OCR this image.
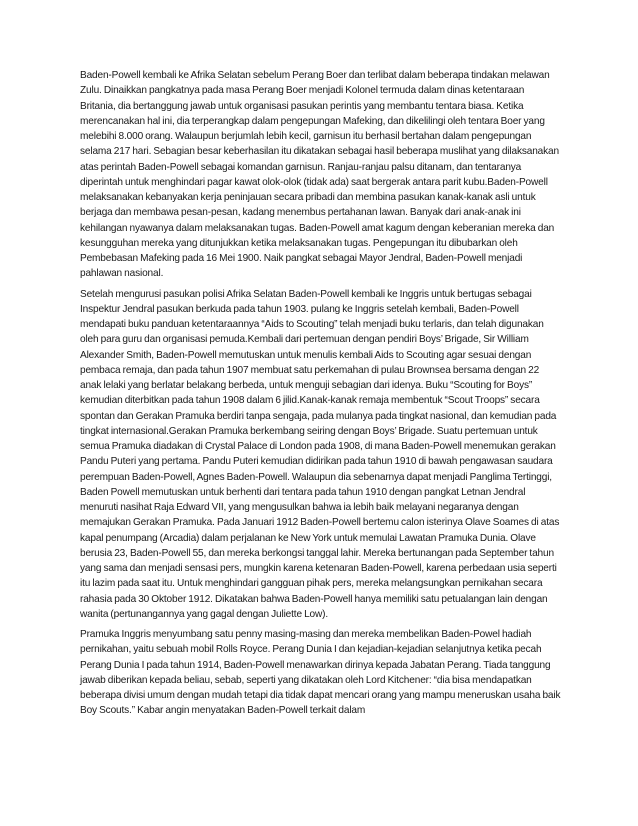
Baden-Powell kembali ke Afrika Selatan sebelum Perang Boer dan terlibat dalam beberapa tindakan melawan Zulu. Dinaikkan pangkatnya pada masa Perang Boer menjadi Kolonel termuda dalam dinas ketentaraan Britania, dia bertanggung jawab untuk organisasi pasukan perintis yang membantu tentara biasa. Ketika merencanakan hal ini, dia terperangkap dalam pengepungan Mafeking, dan dikelilingi oleh tentara Boer yang melebihi 8.000 orang. Walaupun berjumlah lebih kecil, garnisun itu berhasil bertahan dalam pengepungan selama 217 hari. Sebagian besar keberhasilan itu dikatakan sebagai hasil beberapa muslihat yang dilaksanakan atas perintah Baden-Powell sebagai komandan garnisun. Ranjau-ranjau palsu ditanam, dan tentaranya diperintah untuk menghindari pagar kawat olok-olok (tidak ada) saat bergerak antara parit kubu.Baden-Powell melaksanakan kebanyakan kerja peninjauan secara pribadi dan membina pasukan kanak-kanak asli untuk berjaga dan membawa pesan-pesan, kadang menembus pertahanan lawan. Banyak dari anak-anak ini kehilangan nyawanya dalam melaksanakan tugas. Baden-Powell amat kagum dengan keberanian mereka dan kesungguhan mereka yang ditunjukkan ketika melaksanakan tugas. Pengepungan itu dibubarkan oleh Pembebasan Mafeking pada 16 Mei 1900. Naik pangkat sebagai Mayor Jendral, Baden-Powell menjadi pahlawan nasional.

Setelah mengurusi pasukan polisi Afrika Selatan Baden-Powell kembali ke Inggris untuk bertugas sebagai Inspektur Jendral pasukan berkuda pada tahun 1903. pulang ke Inggris setelah kembali, Baden-Powell mendapati buku panduan ketentaraannya “Aids to Scouting” telah menjadi buku terlaris, dan telah digunakan oleh para guru dan organisasi pemuda.Kembali dari pertemuan dengan pendiri Boys’ Brigade, Sir William Alexander Smith, Baden-Powell memutuskan untuk menulis kembali Aids to Scouting agar sesuai dengan pembaca remaja, dan pada tahun 1907 membuat satu perkemahan di pulau Brownsea bersama dengan 22 anak lelaki yang berlatar belakang berbeda, untuk menguji sebagian dari idenya. Buku “Scouting for Boys” kemudian diterbitkan pada tahun 1908 dalam 6 jilid.Kanak-kanak remaja membentuk “Scout Troops” secara spontan dan Gerakan Pramuka berdiri tanpa sengaja, pada mulanya pada tingkat nasional, dan kemudian pada tingkat internasional.Gerakan Pramuka berkembang seiring dengan Boys’ Brigade. Suatu pertemuan untuk semua Pramuka diadakan di Crystal Palace di London pada 1908, di mana Baden-Powell menemukan gerakan Pandu Puteri yang pertama. Pandu Puteri kemudian didirikan pada tahun 1910 di bawah pengawasan saudara perempuan Baden-Powell, Agnes Baden-Powell. Walaupun dia sebenarnya dapat menjadi Panglima Tertinggi, Baden Powell memutuskan untuk berhenti dari tentara pada tahun 1910 dengan pangkat Letnan Jendral menuruti nasihat Raja Edward VII, yang mengusulkan bahwa ia lebih baik melayani negaranya dengan memajukan Gerakan Pramuka. Pada Januari 1912 Baden-Powell bertemu calon isterinya Olave Soames di atas kapal penumpang (Arcadia) dalam perjalanan ke New York untuk memulai Lawatan Pramuka Dunia. Olave berusia 23, Baden-Powell 55, dan mereka berkongsi tanggal lahir. Mereka bertunangan pada September tahun yang sama dan menjadi sensasi pers, mungkin karena ketenaran Baden-Powell, karena perbedaan usia seperti itu lazim pada saat itu. Untuk menghindari gangguan pihak pers, mereka melangsungkan pernikahan secara rahasia pada 30 Oktober 1912. Dikatakan bahwa Baden-Powell hanya memiliki satu petualangan lain dengan wanita (pertunangannya yang gagal dengan Juliette Low).

Pramuka Inggris menyumbang satu penny masing-masing dan mereka membelikan Baden-Powel hadiah pernikahan, yaitu sebuah mobil Rolls Royce. Perang Dunia I dan kejadian-kejadian selanjutnya ketika pecah Perang Dunia I pada tahun 1914, Baden-Powell menawarkan dirinya kepada Jabatan Perang. Tiada tanggung jawab diberikan kepada beliau, sebab, seperti yang dikatakan oleh Lord Kitchener: “dia bisa mendapatkan beberapa divisi umum dengan mudah tetapi dia tidak dapat mencari orang yang mampu meneruskan usaha baik Boy Scouts.” Kabar angin menyatakan Baden-Powell terkait dalam
